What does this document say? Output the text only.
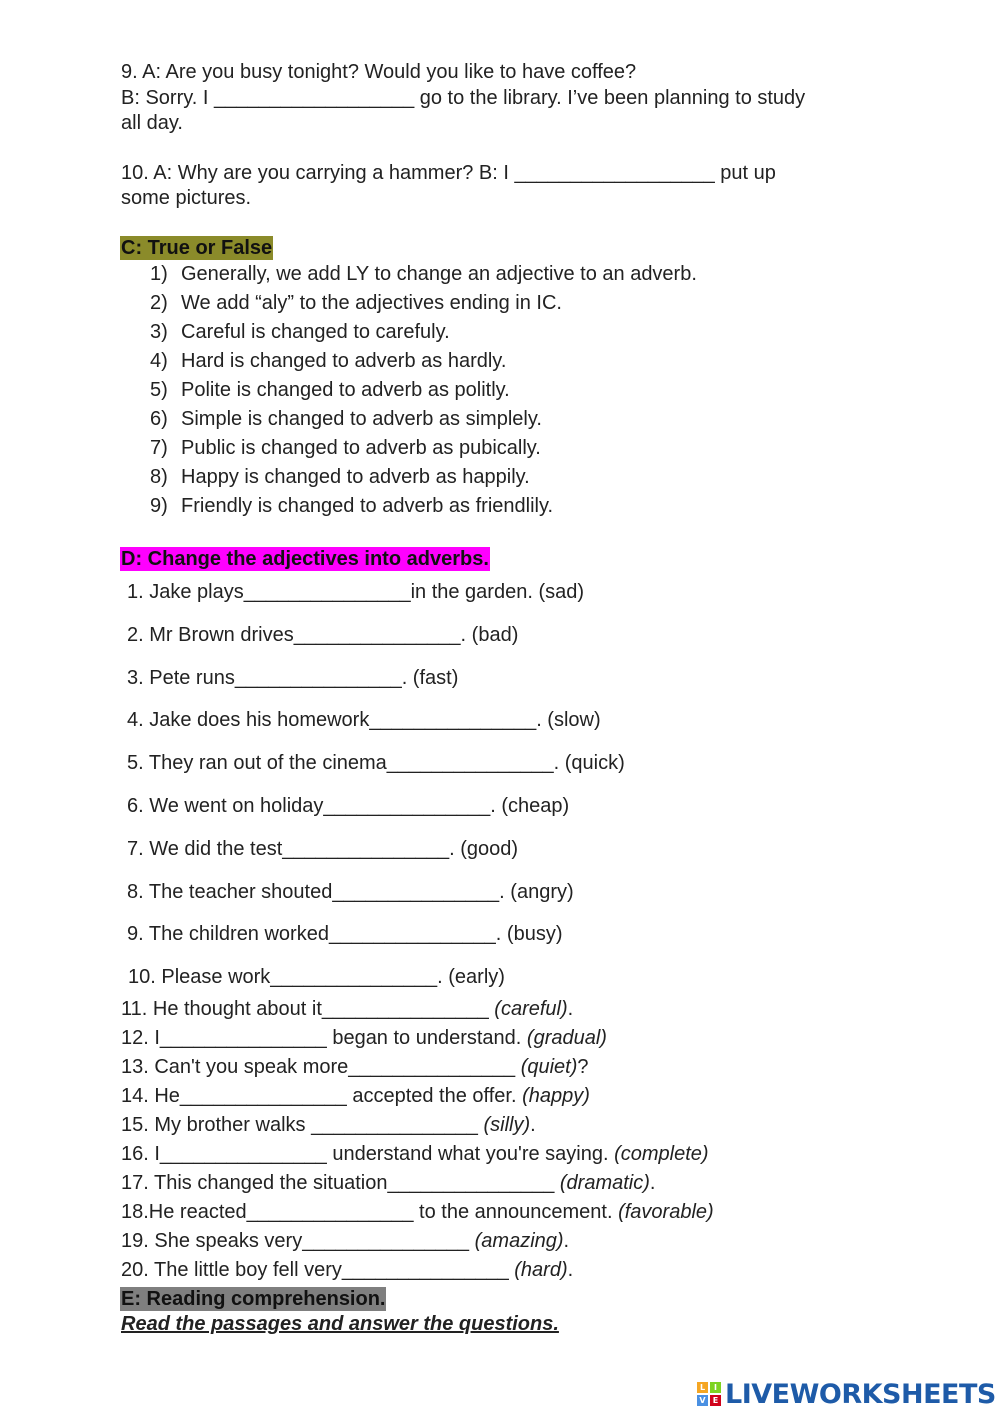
9. A: Are you busy tonight? Would you like to have coffee?
B: Sorry. I __________________ go to the library. I’ve been planning to study
all day.
10. A: Why are you carrying a hammer? B: I __________________ put up
some pictures.
C: True or False
1) Generally, we add LY to change an adjective to an adverb.
2) We add “aly” to the adjectives ending in IC.
3) Careful is changed to carefuly.
4) Hard is changed to adverb as hardly.
5) Polite is changed to adverb as politly.
6) Simple is changed to adverb as simplely.
7) Public is changed to adverb as pubically.
8) Happy is changed to adverb as happily.
9) Friendly is changed to adverb as friendlily.
D: Change the adjectives into adverbs.
1. Jake plays_______________in the garden. (sad)
2. Mr Brown drives_______________. (bad)
3. Pete runs_______________. (fast)
4. Jake does his homework_______________. (slow)
5. They ran out of the cinema_______________. (quick)
6. We went on holiday_______________. (cheap)
7. We did the test_______________. (good)
8. The teacher shouted_______________. (angry)
9. The children worked_______________. (busy)
10. Please work_______________. (early)
11. He thought about it_______________ (careful).
12. I_______________ began to understand. (gradual)
13. Can't you speak more_______________ (quiet)?
14. He_______________ accepted the offer. (happy)
15. My brother walks _______________ (silly).
16. I_______________ understand what you're saying. (complete)
17. This changed the situation_______________ (dramatic).
18.He reacted_______________ to the announcement. (favorable)
19. She speaks very_______________ (amazing).
20. The little boy fell very_______________ (hard).
E: Reading comprehension.
Read the passages and answer the questions.
L	I
V E LIVEWORKSHEETS
